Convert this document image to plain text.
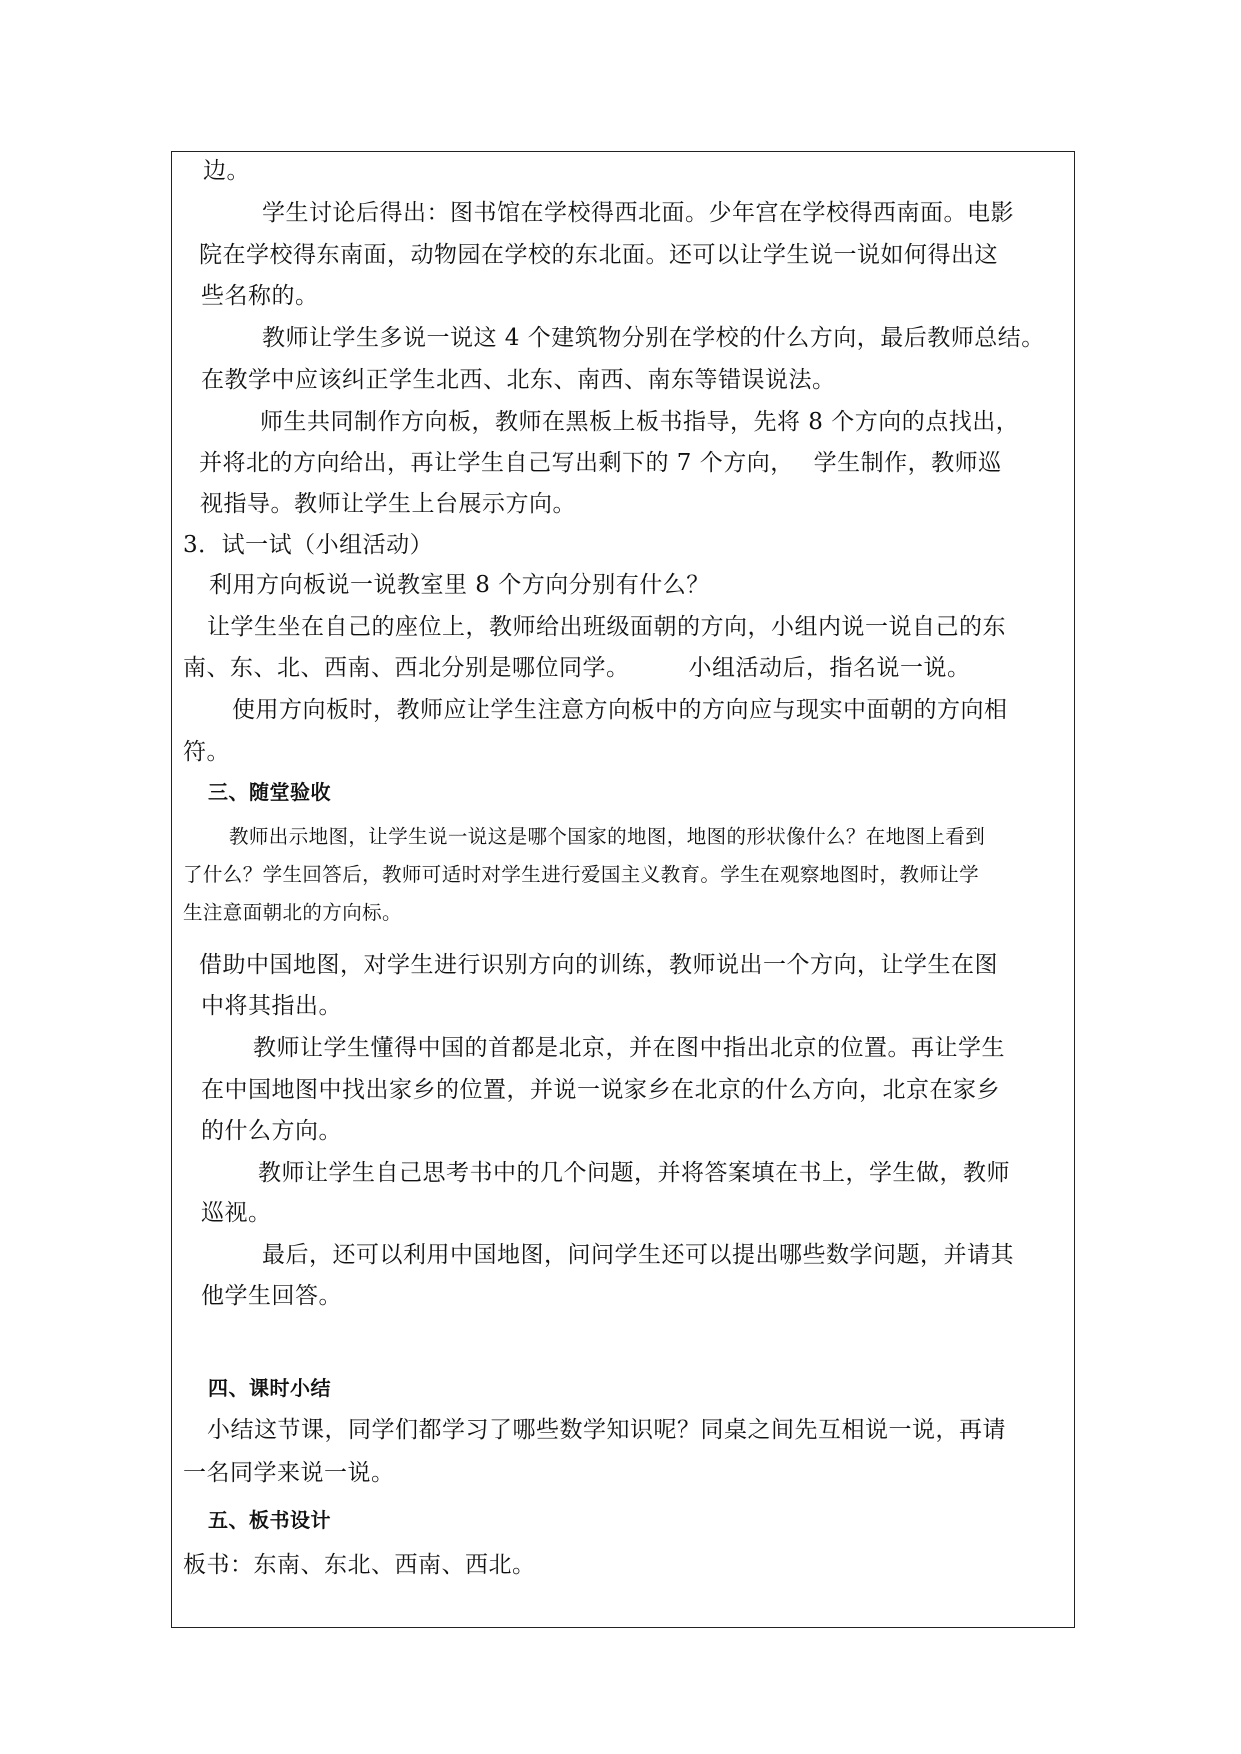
边。
学生讨论后得出：图书馆在学校得西北面。少年宫在学校得西南面。电影
院在学校得东南面，动物园在学校的东北面。还可以让学生说一说如何得出这
些名称的。
教师让学生多说一说这 4 个建筑物分别在学校的什么方向，最后教师总结。
在教学中应该纠正学生北西、北东、南西、南东等错误说法。
师生共同制作方向板，教师在黑板上板书指导，先将 8 个方向的点找出，
并将北的方向给出，再让学生自己写出剩下的 7 个方向，　 学生制作，教师巡
视指导。教师让学生上台展示方向。
3．试一试（小组活动）
利用方向板说一说教室里 8 个方向分别有什么？
让学生坐在自己的座位上，教师给出班级面朝的方向，小组内说一说自己的东
南、东、北、西南、西北分别是哪位同学。　　　小组活动后，指名说一说。
使用方向板时，教师应让学生注意方向板中的方向应与现实中面朝的方向相
符。
三、随堂验收
教师出示地图，让学生说一说这是哪个国家的地图，地图的形状像什么？在地图上看到
了什么？学生回答后，教师可适时对学生进行爱国主义教育。学生在观察地图时，教师让学
生注意面朝北的方向标。
借助中国地图，对学生进行识别方向的训练，教师说出一个方向，让学生在图
中将其指出。
教师让学生懂得中国的首都是北京，并在图中指出北京的位置。再让学生
在中国地图中找出家乡的位置，并说一说家乡在北京的什么方向，北京在家乡
的什么方向。
教师让学生自己思考书中的几个问题，并将答案填在书上，学生做，教师
巡视。
最后，还可以利用中国地图，问问学生还可以提出哪些数学问题，并请其
他学生回答。
四、课时小结
小结这节课，同学们都学习了哪些数学知识呢？同桌之间先互相说一说，再请
一名同学来说一说。
五、板书设计
板书：东南、东北、西南、西北。
